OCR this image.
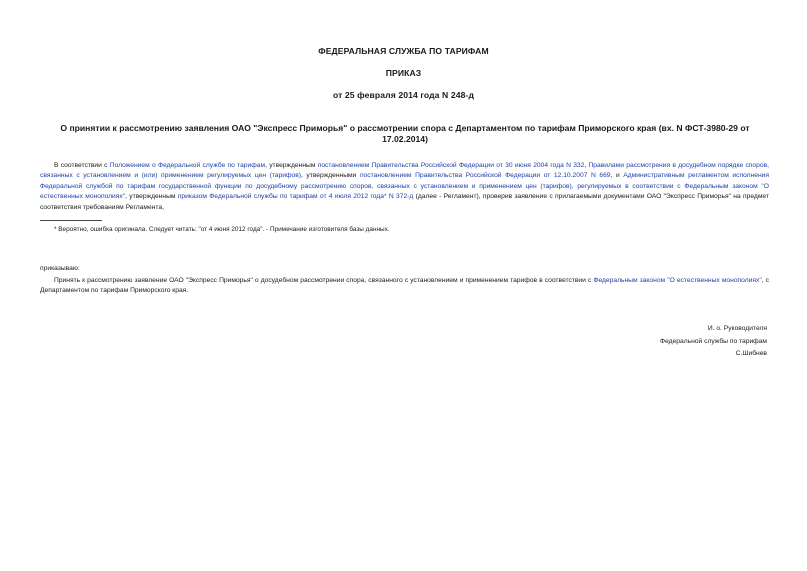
ФЕДЕРАЛЬНАЯ СЛУЖБА ПО ТАРИФАМ
ПРИКАЗ
от 25 февраля 2014 года N 248-д
О принятии к рассмотрению заявления ОАО "Экспресс Приморья" о рассмотрении спора с Департаментом по тарифам Приморского края (вх. N ФСТ-3980-29 от 17.02.2014)
В соответствии с Положением о Федеральной службе по тарифам, утвержденным постановлением Правительства Российской Федерации от 30 июня 2004 года N 332, Правилами рассмотрения в досудебном порядке споров, связанных с установлением и (или) применением регулируемых цен (тарифов), утвержденными постановлением Правительства Российской Федерации от 12.10.2007 N 669, и Административным регламентом исполнения Федеральной службой по тарифам государственной функции по досудебному рассмотрению споров, связанных с установлением и применением цен (тарифов), регулируемых в соответствии с Федеральным законом "О естественных монополиях", утвержденным приказом Федеральной службы по тарифам от 4 июля 2012 года* N 372-д (далее - Регламент), проверив заявление с прилагаемыми документами ОАО "Экспресс Приморья" на предмет соответствия требованиям Регламента,
* Вероятно, ошибка оригинала. Следует читать: "от 4 июня 2012 года". - Примечание изготовителя базы данных.
приказываю:
Принять к рассмотрению заявление ОАО "Экспресс Приморья" о досудебном рассмотрении спора, связанного с установлением и применением тарифов в соответствии с Федеральным законом "О естественных монополиях", с Департаментом по тарифам Приморского края.
И. о. Руководителя
Федеральной службы по тарифам
С.Шибнев
